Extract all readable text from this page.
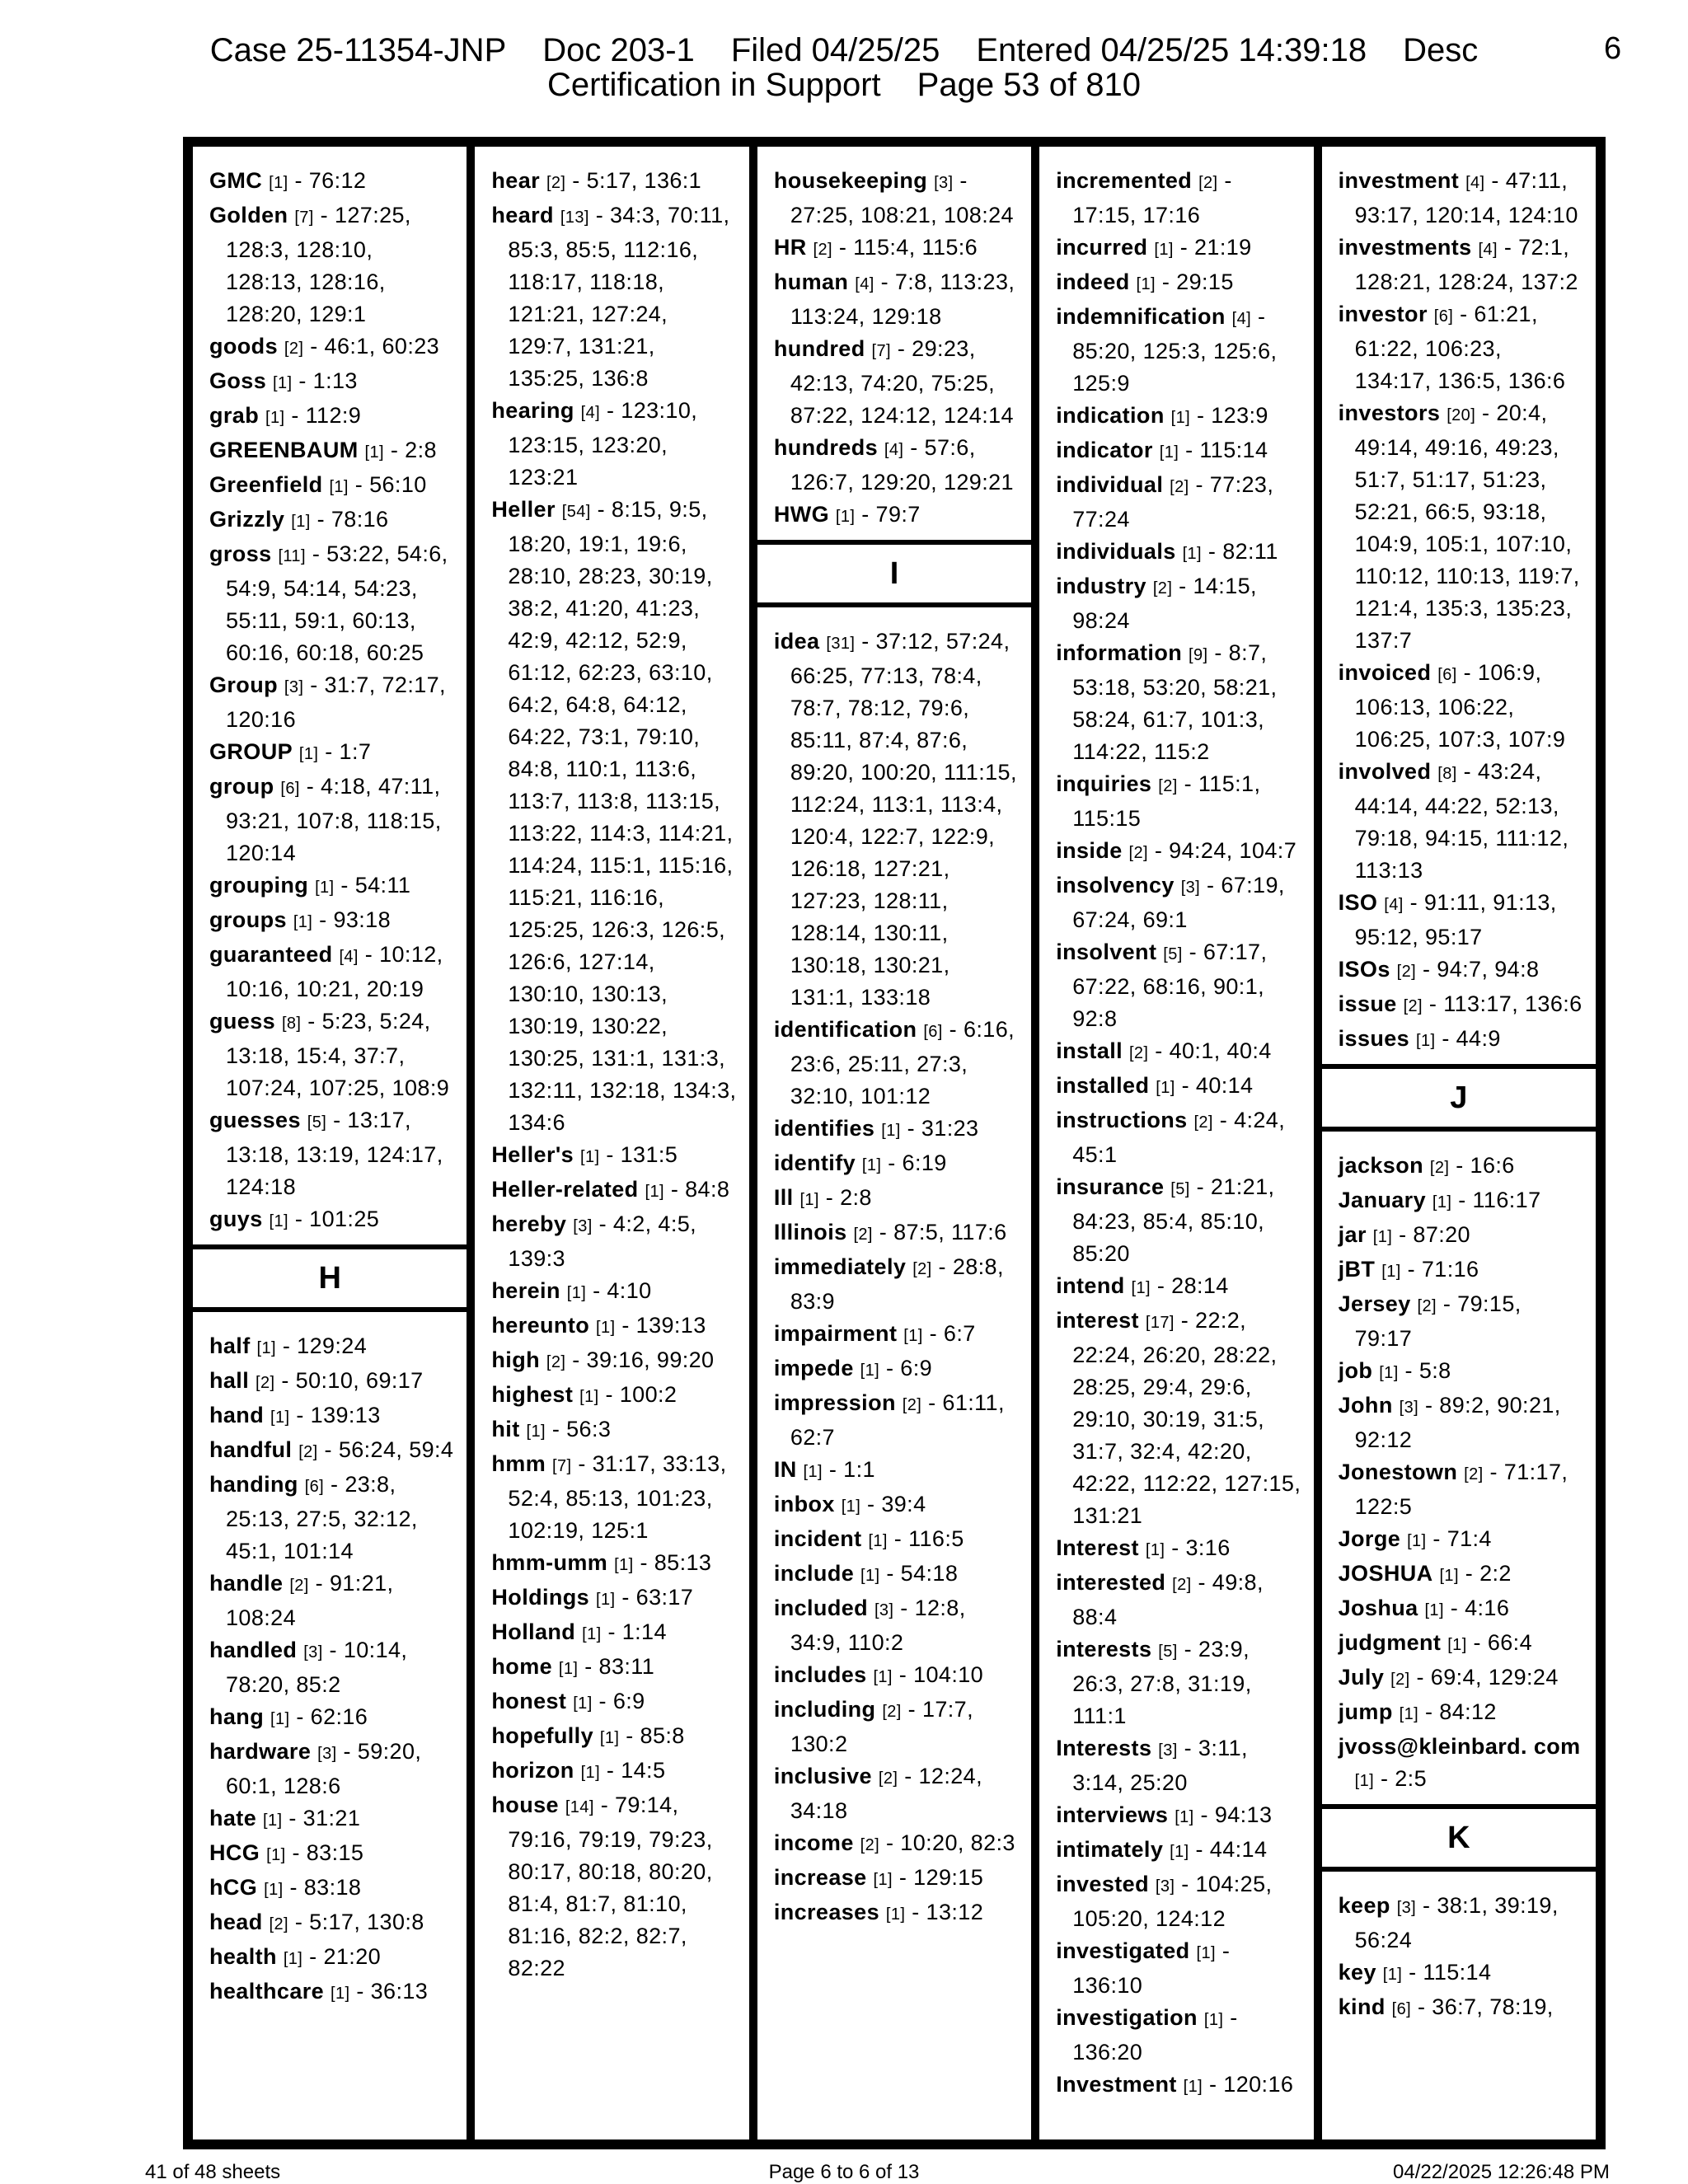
Case 25-11354-JNP Doc 203-1 Filed 04/25/25 Entered 04/25/25 14:39:18 Desc
Certification in Support Page 53 of 810
6
GMC [1] - 76:12
Golden [7] - 127:25, 128:3, 128:10, 128:13, 128:16, 128:20, 129:1
goods [2] - 46:1, 60:23
Goss [1] - 1:13
grab [1] - 112:9
GREENBAUM [1] - 2:8
Greenfield [1] - 56:10
Grizzly [1] - 78:16
gross [11] - 53:22, 54:6, 54:9, 54:14, 54:23, 55:11, 59:1, 60:13, 60:16, 60:18, 60:25
Group [3] - 31:7, 72:17, 120:16
GROUP [1] - 1:7
group [6] - 4:18, 47:11, 93:21, 107:8, 118:15, 120:14
grouping [1] - 54:11
groups [1] - 93:18
guaranteed [4] - 10:12, 10:16, 10:21, 20:19
guess [8] - 5:23, 5:24, 13:18, 15:4, 37:7, 107:24, 107:25, 108:9
guesses [5] - 13:17, 13:18, 13:19, 124:17, 124:18
guys [1] - 101:25
H
half [1] - 129:24
hall [2] - 50:10, 69:17
hand [1] - 139:13
handful [2] - 56:24, 59:4
handing [6] - 23:8, 25:13, 27:5, 32:12, 45:1, 101:14
handle [2] - 91:21, 108:24
handled [3] - 10:14, 78:20, 85:2
hang [1] - 62:16
hardware [3] - 59:20, 60:1, 128:6
hate [1] - 31:21
HCG [1] - 83:15
hCG [1] - 83:18
head [2] - 5:17, 130:8
health [1] - 21:20
healthcare [1] - 36:13
hear [2] - 5:17, 136:1
heard [13] - 34:3, 70:11, 85:3, 85:5, 112:16, 118:17, 118:18, 121:21, 127:24, 129:7, 131:21, 135:25, 136:8
hearing [4] - 123:10, 123:15, 123:20, 123:21
Heller [54] - 8:15, 9:5, 18:20, 19:1, 19:6, 28:10, 28:23, 30:19, 38:2, 41:20, 41:23, 42:9, 42:12, 52:9, 61:12, 62:23, 63:10, 64:2, 64:8, 64:12, 64:22, 73:1, 79:10, 84:8, 110:1, 113:6, 113:7, 113:8, 113:15, 113:22, 114:3, 114:21, 114:24, 115:1, 115:16, 115:21, 116:16, 125:25, 126:3, 126:5, 126:6, 127:14, 130:10, 130:13, 130:19, 130:22, 130:25, 131:1, 131:3, 132:11, 132:18, 134:3, 134:6
Heller's [1] - 131:5
Heller-related [1] - 84:8
hereby [3] - 4:2, 4:5, 139:3
herein [1] - 4:10
hereunto [1] - 139:13
high [2] - 39:16, 99:20
highest [1] - 100:2
hit [1] - 56:3
hmm [7] - 31:17, 33:13, 52:4, 85:13, 101:23, 102:19, 125:1
hmm-umm [1] - 85:13
Holdings [1] - 63:17
Holland [1] - 1:14
home [1] - 83:11
honest [1] - 6:9
hopefully [1] - 85:8
horizon [1] - 14:5
house [14] - 79:14, 79:16, 79:19, 79:23, 80:17, 80:18, 80:20, 81:4, 81:7, 81:10, 81:16, 82:2, 82:7, 82:22
housekeeping [3] - 27:25, 108:21, 108:24
HR [2] - 115:4, 115:6
human [4] - 7:8, 113:23, 113:24, 129:18
hundred [7] - 29:23, 42:13, 74:20, 75:25, 87:22, 124:12, 124:14
hundreds [4] - 57:6, 126:7, 129:20, 129:21
HWG [1] - 79:7
I
idea [31] - 37:12, 57:24, 66:25, 77:13, 78:4, 78:7, 78:12, 79:6, 85:11, 87:4, 87:6, 89:20, 100:20, 111:15, 112:24, 113:1, 113:4, 120:4, 122:7, 122:9, 126:18, 127:21, 127:23, 128:11, 128:14, 130:11, 130:18, 130:21, 131:1, 133:18
identification [6] - 6:16, 23:6, 25:11, 27:3, 32:10, 101:12
identifies [1] - 31:23
identify [1] - 6:19
Ill [1] - 2:8
Illinois [2] - 87:5, 117:6
immediately [2] - 28:8, 83:9
impairment [1] - 6:7
impede [1] - 6:9
impression [2] - 61:11, 62:7
IN [1] - 1:1
inbox [1] - 39:4
incident [1] - 116:5
include [1] - 54:18
included [3] - 12:8, 34:9, 110:2
includes [1] - 104:10
including [2] - 17:7, 130:2
inclusive [2] - 12:24, 34:18
income [2] - 10:20, 82:3
increase [1] - 129:15
increases [1] - 13:12
incremented [2] - 17:15, 17:16
incurred [1] - 21:19
indeed [1] - 29:15
indemnification [4] - 85:20, 125:3, 125:6, 125:9
indication [1] - 123:9
indicator [1] - 115:14
individual [2] - 77:23, 77:24
individuals [1] - 82:11
industry [2] - 14:15, 98:24
information [9] - 8:7, 53:18, 53:20, 58:21, 58:24, 61:7, 101:3, 114:22, 115:2
inquiries [2] - 115:1, 115:15
inside [2] - 94:24, 104:7
insolvency [3] - 67:19, 67:24, 69:1
insolvent [5] - 67:17, 67:22, 68:16, 90:1, 92:8
install [2] - 40:1, 40:4
installed [1] - 40:14
instructions [2] - 4:24, 45:1
insurance [5] - 21:21, 84:23, 85:4, 85:10, 85:20
intend [1] - 28:14
interest [17] - 22:2, 22:24, 26:20, 28:22, 28:25, 29:4, 29:6, 29:10, 30:19, 31:5, 31:7, 32:4, 42:20, 42:22, 112:22, 127:15, 131:21
Interest [1] - 3:16
interested [2] - 49:8, 88:4
interests [5] - 23:9, 26:3, 27:8, 31:19, 111:1
Interests [3] - 3:11, 3:14, 25:20
interviews [1] - 94:13
intimately [1] - 44:14
invested [3] - 104:25, 105:20, 124:12
investigated [1] - 136:10
investigation [1] - 136:20
Investment [1] - 120:16
investment [4] - 47:11, 93:17, 120:14, 124:10
investments [4] - 72:1, 128:21, 128:24, 137:2
investor [6] - 61:21, 61:22, 106:23, 134:17, 136:5, 136:6
investors [20] - 20:4, 49:14, 49:16, 49:23, 51:7, 51:17, 51:23, 52:21, 66:5, 93:18, 104:9, 105:1, 107:10, 110:12, 110:13, 119:7, 121:4, 135:3, 135:23, 137:7
invoiced [6] - 106:9, 106:13, 106:22, 106:25, 107:3, 107:9
involved [8] - 43:24, 44:14, 44:22, 52:13, 79:18, 94:15, 111:12, 113:13
ISO [4] - 91:11, 91:13, 95:12, 95:17
ISOs [2] - 94:7, 94:8
issue [2] - 113:17, 136:6
issues [1] - 44:9
J
jackson [2] - 16:6
January [1] - 116:17
jar [1] - 87:20
jBT [1] - 71:16
Jersey [2] - 79:15, 79:17
job [1] - 5:8
John [3] - 89:2, 90:21, 92:12
Jonestown [2] - 71:17, 122:5
Jorge [1] - 71:4
JOSHUA [1] - 2:2
Joshua [1] - 4:16
judgment [1] - 66:4
July [2] - 69:4, 129:24
jump [1] - 84:12
jvoss@kleinbard. com [1] - 2:5
K
keep [3] - 38:1, 39:19, 56:24
key [1] - 115:14
kind [6] - 36:7, 78:19,
41 of 48 sheets	Page 6 to 6 of 13	04/22/2025 12:26:48 PM
